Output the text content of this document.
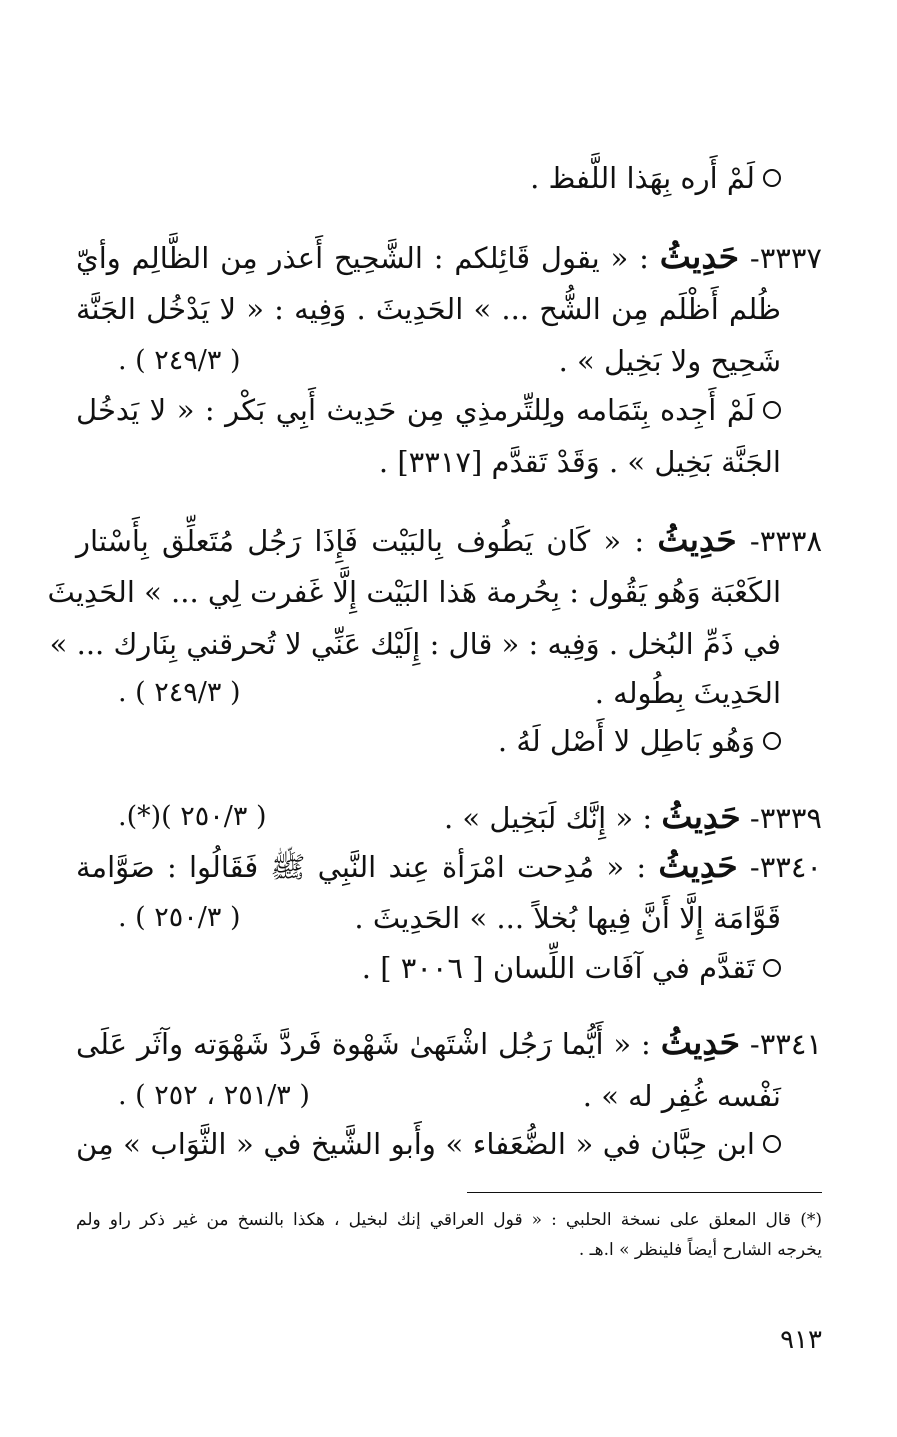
لَمْ أَره بِهَذا اللَّفظ .
٣٣٣٧- حَدِيثُ : « يقول قَائِلكم : الشَّحِيح أَعذر مِن الظَّالِم وأيّ
ظُلم أَظْلَم مِن الشُّح ... » الحَدِيثَ . وَفِيه : « لا يَدْخُل الجَنَّة
شَحِيح ولا بَخِيل » .
( ٢٤٩/٣ ) .
لَمْ أَجِده بِتَمَامه ولِلتِّرمذِي مِن حَدِيث أَبِي بَكْر : « لا يَدخُل
الجَنَّة بَخِيل » . وَقَدْ تَقدَّم [٣٣١٧] .
٣٣٣٨- حَدِيثُ : « كَان يَطُوف بِالبَيْت فَإِذَا رَجُل مُتَعلِّق بِأَسْتار
الكَعْبَة وَهُو يَقُول : بِحُرمة هَذا البَيْت إِلَّا غَفرت لِي ... » الحَدِيثَ
في ذَمِّ البُخل . وَفِيه : « قال : إِلَيْك عَنِّي لا تُحرقني بِنَارك ... »
الحَدِيثَ بِطُوله .
( ٢٤٩/٣ ) .
وَهُو بَاطِل لا أَصْل لَهُ .
٣٣٣٩- حَدِيثُ : « إِنَّك لَبَخِيل » .
( ٢٥٠/٣ )(*).
٣٣٤٠- حَدِيثُ : « مُدِحت امْرَأة عِند النَّبِي ﷺ فَقَالُوا : صَوَّامة
قَوَّامَة إِلَّا أَنَّ فِيها بُخلاً ... » الحَدِيثَ .
( ٢٥٠/٣ ) .
تَقدَّم في آفَات اللِّسان [ ٣٠٠٦ ] .
٣٣٤١- حَدِيثُ : « أَيُّما رَجُل اشْتَهىٰ شَهْوة فَردَّ شَهْوَته وآثَر عَلَى
نَفْسه غُفِر له » .
( ٢٥١/٣ ، ٢٥٢ ) .
ابن حِبَّان في « الضُّعَفاء » وأَبو الشَّيخ في « الثَّوَاب » مِن
(*) قال المعلق على نسخة الحلبي : « قول العراقي إنك لبخيل ، هكذا بالنسخ من غير ذكر راو ولم
يخرجه الشارح أيضاً فلينظر » ا.هـ .
٩١٣
